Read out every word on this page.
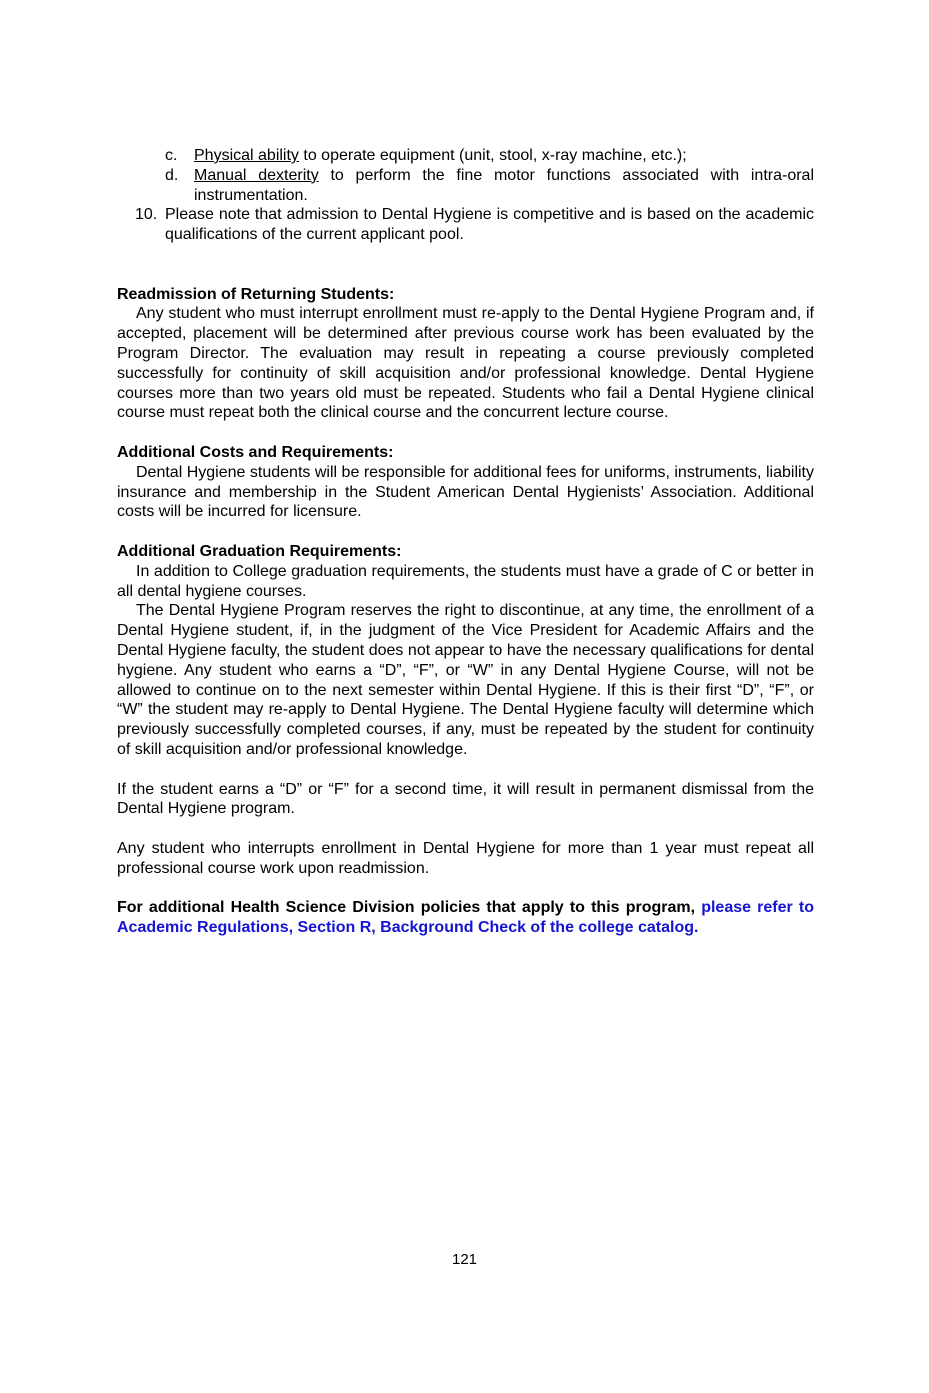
c. Physical ability to operate equipment (unit, stool, x-ray machine, etc.);
d. Manual dexterity to perform the fine motor functions associated with intra-oral instrumentation.
10. Please note that admission to Dental Hygiene is competitive and is based on the academic qualifications of the current applicant pool.
Readmission of Returning Students:

Any student who must interrupt enrollment must re-apply to the Dental Hygiene Program and, if accepted, placement will be determined after previous course work has been evaluated by the Program Director. The evaluation may result in repeating a course previously completed successfully for continuity of skill acquisition and/or professional knowledge. Dental Hygiene courses more than two years old must be repeated. Students who fail a Dental Hygiene clinical course must repeat both the clinical course and the concurrent lecture course.

Additional Costs and Requirements:

Dental Hygiene students will be responsible for additional fees for uniforms, instruments, liability insurance and membership in the Student American Dental Hygienists’ Association. Additional costs will be incurred for licensure.

Additional Graduation Requirements:

In addition to College graduation requirements, the students must have a grade of C or better in all dental hygiene courses.

The Dental Hygiene Program reserves the right to discontinue, at any time, the enrollment of a Dental Hygiene student, if, in the judgment of the Vice President for Academic Affairs and the Dental Hygiene faculty, the student does not appear to have the necessary qualifications for dental hygiene. Any student who earns a “D”, “F”, or “W” in any Dental Hygiene Course, will not be allowed to continue on to the next semester within Dental Hygiene. If this is their first “D”, “F”, or “W” the student may re-apply to Dental Hygiene. The Dental Hygiene faculty will determine which previously successfully completed courses, if any, must be repeated by the student for continuity of skill acquisition and/or professional knowledge.

If the student earns a “D” or “F” for a second time, it will result in permanent dismissal from the Dental Hygiene program.

Any student who interrupts enrollment in Dental Hygiene for more than 1 year must repeat all professional course work upon readmission.

For additional Health Science Division policies that apply to this program, please refer to Academic Regulations, Section R, Background Check of the college catalog.

121
